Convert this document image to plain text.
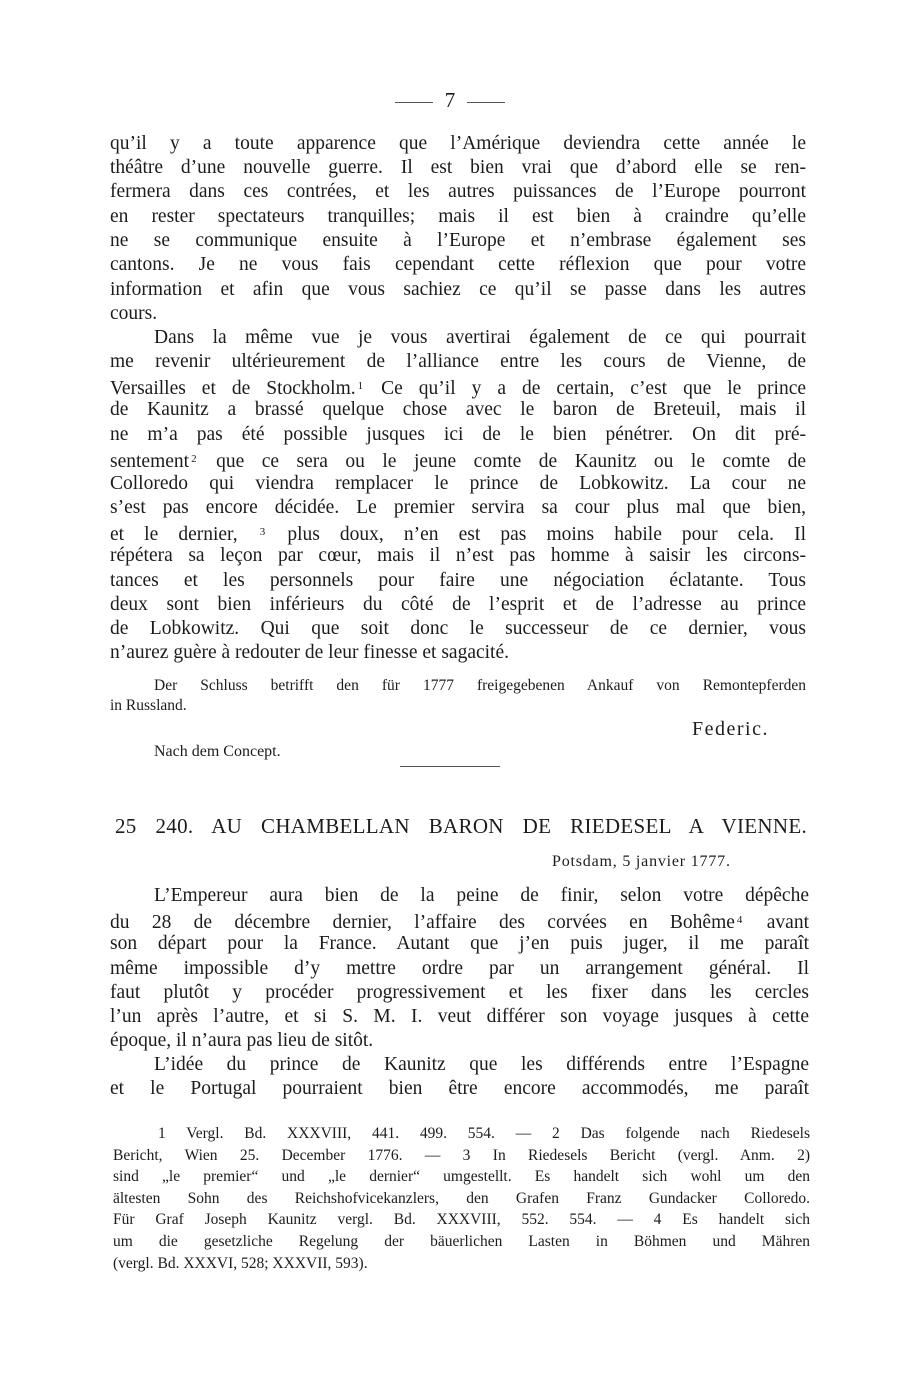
7
qu’il y a toute apparence que l’Amérique deviendra cette année le
théâtre d’une nouvelle guerre. Il est bien vrai que d’abord elle se ren-
fermera dans ces contrées, et les autres puissances de l’Europe pourront
en rester spectateurs tranquilles; mais il est bien à craindre qu’elle
ne se communique ensuite à l’Europe et n’embrase également ses
cantons. Je ne vous fais cependant cette réflexion que pour votre
information et afin que vous sachiez ce qu’il se passe dans les autres
cours.
Dans la même vue je vous avertirai également de ce qui pourrait
me revenir ultérieurement de l’alliance entre les cours de Vienne, de
Versailles et de Stockholm. $^1$ Ce qu’il y a de certain, c’est que le prince
de Kaunitz a brassé quelque chose avec le baron de Breteuil, mais il
ne m’a pas été possible jusques ici de le bien pénétrer. On dit pré-
sentement $^2$ que ce sera ou le jeune comte de Kaunitz ou le comte de
Colloredo qui viendra remplacer le prince de Lobkowitz. La cour ne
s’est pas encore décidée. Le premier servira sa cour plus mal que bien,
et le dernier, $^3$ plus doux, n’en est pas moins habile pour cela. Il
répétera sa leçon par cœur, mais il n’est pas homme à saisir les circons-
tances et les personnels pour faire une négociation éclatante. Tous
deux sont bien inférieurs du côté de l’esprit et de l’adresse au prince
de Lobkowitz. Qui que soit donc le successeur de ce dernier, vous
n’aurez guère à redouter de leur finesse et sagacité.
Der Schluss betrifft den für 1777 freigegebenen Ankauf von Remontepferden
in Russland.
Federic.
Nach dem Concept.
25 240. AU CHAMBELLAN BARON DE RIEDESEL A VIENNE.
Potsdam, 5 janvier 1777.
L’Empereur aura bien de la peine de finir, selon votre dépêche
du 28 de décembre dernier, l’affaire des corvées en Bohême $^4$ avant
son départ pour la France. Autant que j’en puis juger, il me paraît
même impossible d’y mettre ordre par un arrangement général. Il
faut plutôt y procéder progressivement et les fixer dans les cercles
l’un après l’autre, et si S. M. I. veut différer son voyage jusques à cette
époque, il n’aura pas lieu de sitôt.
L’idée du prince de Kaunitz que les différends entre l’Espagne
et le Portugal pourraient bien être encore accommodés, me paraît
1 Vergl. Bd. XXXVIII, 441. 499. 554. — 2 Das folgende nach Riedesels
Bericht, Wien 25. December 1776. — 3 In Riedesels Bericht (vergl. Anm. 2)
sind „le premier“ und „le dernier“ umgestellt. Es handelt sich wohl um den
ältesten Sohn des Reichshofvicekanzlers, den Grafen Franz Gundacker Colloredo.
Für Graf Joseph Kaunitz vergl. Bd. XXXVIII, 552. 554. — 4 Es handelt sich
um die gesetzliche Regelung der bäuerlichen Lasten in Böhmen und Mähren
(vergl. Bd. XXXVI, 528; XXXVII, 593).
